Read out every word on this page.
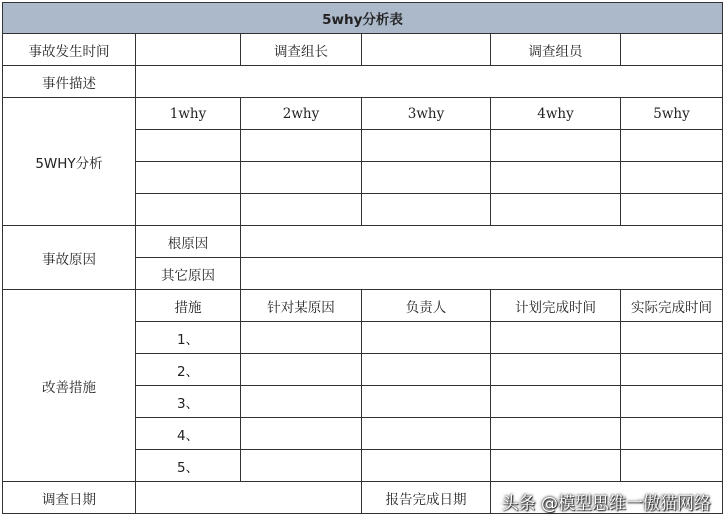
5why分析表					
事故发生时间		调查组长		调查组员	
事件描述					
5WHY分析	1why	2why	3why	4why	5why

事故原因	根原因				
	其它原因				
改善措施	措施	针对某原因	负责人	计划完成时间	实际完成时间
	1、				
	2、				
	3、				
	4、				
	5、				
调查日期			报告完成日期		头条 @模型思维一傲猫网络
